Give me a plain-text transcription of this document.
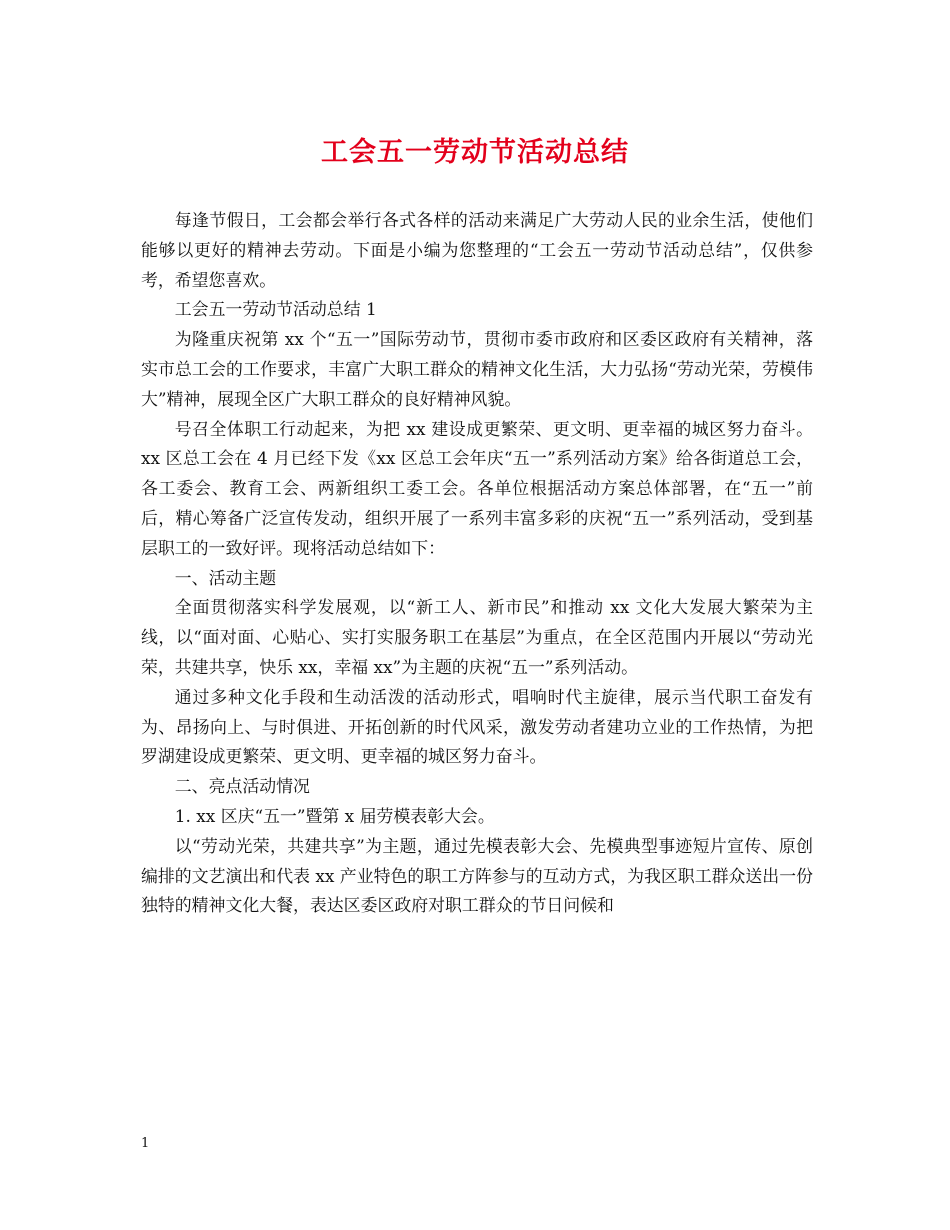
工会五一劳动节活动总结

每逢节假日，工会都会举行各式各样的活动来满足广大劳动人民的业余生活，使他们能够以更好的精神去劳动。下面是小编为您整理的“工会五一劳动节活动总结”，仅供参考，希望您喜欢。

工会五一劳动节活动总结 1

为隆重庆祝第 xx 个“五一”国际劳动节，贯彻市委市政府和区委区政府有关精神，落实市总工会的工作要求，丰富广大职工群众的精神文化生活，大力弘扬“劳动光荣，劳模伟大”精神，展现全区广大职工群众的良好精神风貌。

号召全体职工行动起来，为把 xx 建设成更繁荣、更文明、更幸福的城区努力奋斗。xx 区总工会在 4 月已经下发《xx 区总工会年庆“五一”系列活动方案》给各街道总工会，各工委会、教育工会、两新组织工委工会。各单位根据活动方案总体部署，在“五一”前后，精心筹备广泛宣传发动，组织开展了一系列丰富多彩的庆祝“五一”系列活动，受到基层职工的一致好评。现将活动总结如下：

一、活动主题

全面贯彻落实科学发展观，以“新工人、新市民”和推动 xx 文化大发展大繁荣为主线，以“面对面、心贴心、实打实服务职工在基层”为重点，在全区范围内开展以“劳动光荣，共建共享，快乐 xx，幸福 xx”为主题的庆祝“五一”系列活动。

通过多种文化手段和生动活泼的活动形式，唱响时代主旋律，展示当代职工奋发有为、昂扬向上、与时俱进、开拓创新的时代风采，激发劳动者建功立业的工作热情，为把罗湖建设成更繁荣、更文明、更幸福的城区努力奋斗。

二、亮点活动情况

1. xx 区庆“五一”暨第 x 届劳模表彰大会。

以“劳动光荣，共建共享”为主题，通过先模表彰大会、先模典型事迹短片宣传、原创编排的文艺演出和代表 xx 产业特色的职工方阵参与的互动方式，为我区职工群众送出一份独特的精神文化大餐，表达区委区政府对职工群众的节日问候和

1
